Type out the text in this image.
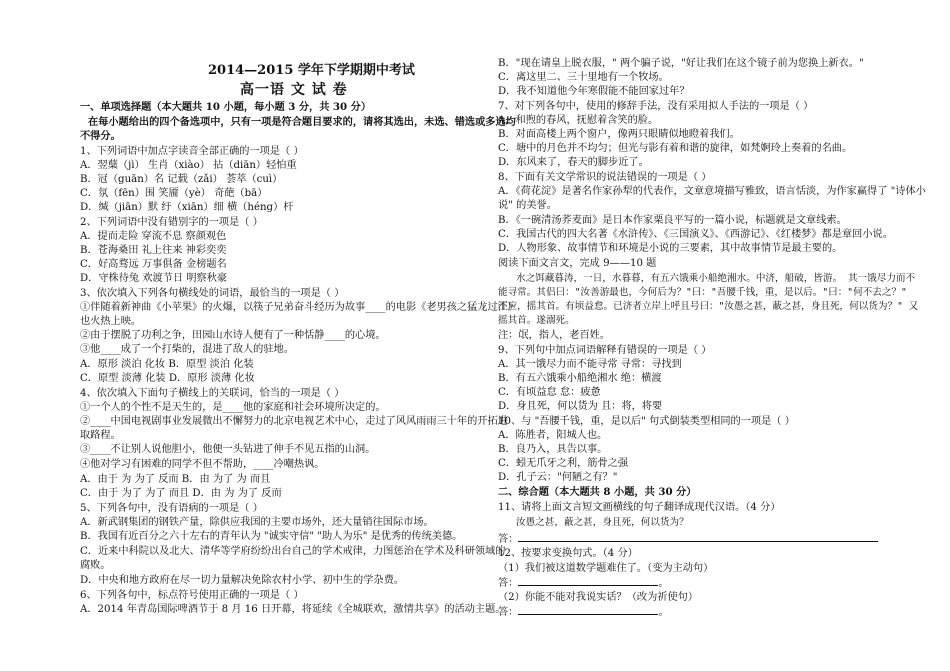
2014—2015 学年下学期期中考试
高一语 文 试 卷
一、单项选择题（本大题共 10 小题，每小题 3 分，共 30 分）
在每小题给出的四个备选项中，只有一项是符合题目要求的，请将其选出，未选、错选或多选均
不得分。
1、下列词语中加点字读音全部正确的一项是（ ）
A．翌蘖（jì） 生肖（xiào） 拈（diān）轻怕重
B．冠（guān）名 记载（zǎi） 荟萃（cuì）
C．氛（fēn）围 笑靥（yè） 奇葩（bā）
D．缄（jiān）默 纡（xiān）细 横（héng）杆
2、下列词语中没有错别字的一项是（ ）
A．提而走险 穿流不息 察颜观色
B．苍海桑田 礼上往来 神彩奕奕
C．好高骛远 万事俱备 金榜题名
D．守株待兔 欢渡节日 明察秋豪
3、依次填入下列各句横线处的词语，最恰当的一项是（ ）
①伴随着新神曲《小苹果》的火爆，以筷子兄弟奋斗经历为故事____的电影《老男孩之猛龙过江》
也火热上映。
②由于摆脱了功利之争，田园山水诗人便有了一种恬静____的心境。
③他____成了一个打柴的，混进了敌人的驻地。
A．原形 淡泊 化妆 B．原型 淡泊 化装
C．原型 淡薄 化装 D．原形 淡薄 化妆
4、依次填入下面句子横线上的关联词，恰当的一项是（ ）
①一个人的个性不是天生的，是____他的家庭和社会环境所决定的。
②____中国电视剧事业发展微出不懈努力的北京电视艺术中心，走过了风风雨雨三十年的开拓进
取路程。
③____不让别人说他胆小，他便一头钻进了伸手不见五指的山洞。
④他对学习有困难的同学不但不帮助，____冷嘲热讽。
A．由于 为 为了 反而 B．由 为了 为 而且
C．由于 为了 为了 而且 D．由 为 为了 反而
5、下列各句中，没有语病的一项是（ ）
A．新武钢集团的钢铁产量，除供应我国的主要市场外，还大量销往国际市场。
B．我国有近百分之六十左右的青年认为 "诚实守信" "助人为乐" 是优秀的传统美德。
C．近来中科院以及北大、清华等学府纷纷出台自己的学术戒律，力图惩治在学术及科研领域的
腐败。
D．中央和地方政府在尽一切力量解决免除农村小学、初中生的学杂费。
6、下列各句中，标点符号使用正确的一项是（ ）
A．2014 年青岛国际啤酒节于 8 月 16 日开幕，将延续《全城联欢，激情共享》的活动主题。
B．"现在请皇上脱衣服，" 两个骗子说，"好让我们在这个镜子前为您换上新衣。"
C．离这里二、三十里地有一个牧场。
D．我不知道他今年寒假能不能回家过年？
7、对下列各句中，使用的修辞手法，没有采用拟人手法的一项是（ ）
A．和煦的春风，抚慰着含笑的脸。
B．对面高楼上两个窗户，像两只眼睛似地瞪着我们。
C．塘中的月色并不均匀；但光与影有着和谐的旋律，如梵婀玲上奏着的名曲。
D．东风来了，春天的脚步近了。
8、下面有关文学常识的说法错误的一项是（ ）
A．《荷花淀》是著名作家孙犁的代表作，文章意境描写雅致，语言恬淡，为作家赢得了 "诗体小
说" 的美誉。
B．《一碗清汤荞麦面》是日本作家栗良平写的一篇小说，标题就是文章线索。
C．我国古代的四大名著《水浒传》、《三国演义》、《西游记》、《红楼梦》都是章回小说。
D．人物形象、故事情节和环境是小说的三要素，其中故事情节是最主要的。
阅读下面文言文，完成 9——10 题
水之饵藏暮涛，一日，水暮暮，有五六饿乘小船绝湘水。中济，船破，皆游。 其一饿尽力而不
能寻常。其侣曰："汝善游最也，今何后为？"曰："吾腰千钱，重，是以后。"曰："何不去之？"
不应，摇其首。有顷益怠。已济者立岸上呼且号曰："汝愚之甚，蔽之甚，身且死，何以货为？" 又
摇其首。遂溺死。
注：氓，指人，老百姓。
9、下列句中加点词语解释有错误的一项是（ ）
A．其一饿尽力而不能寻常 寻常：寻找到
B．有五六饿乘小船绝湘水 绝：横渡
C．有顷益怠 怠：疲惫
D．身且死，何以货为 且：将，将要
10、与 "吾腰千钱，重，是以后" 句式倒装类型相同的一项是（ ）
A．陈胜者，阳城人也。
B．良乃入，具告以事。
C．蚓无爪牙之利，筋骨之强
D．孔子云："何陋之有？"
二、综合题（本大题共 8 小题，共 30 分）
11、请将上面文言短文画横线的句子翻译成现代汉语。（4 分）
汝愚之甚，蔽之甚，身且死，何以货为？
答：
12、按要求变换句式。（4 分）
（1）我们被这道数学题难住了。（变为主动句）
答：	。
（2）你能不能对我说实话？（改为祈使句）
答：	。
